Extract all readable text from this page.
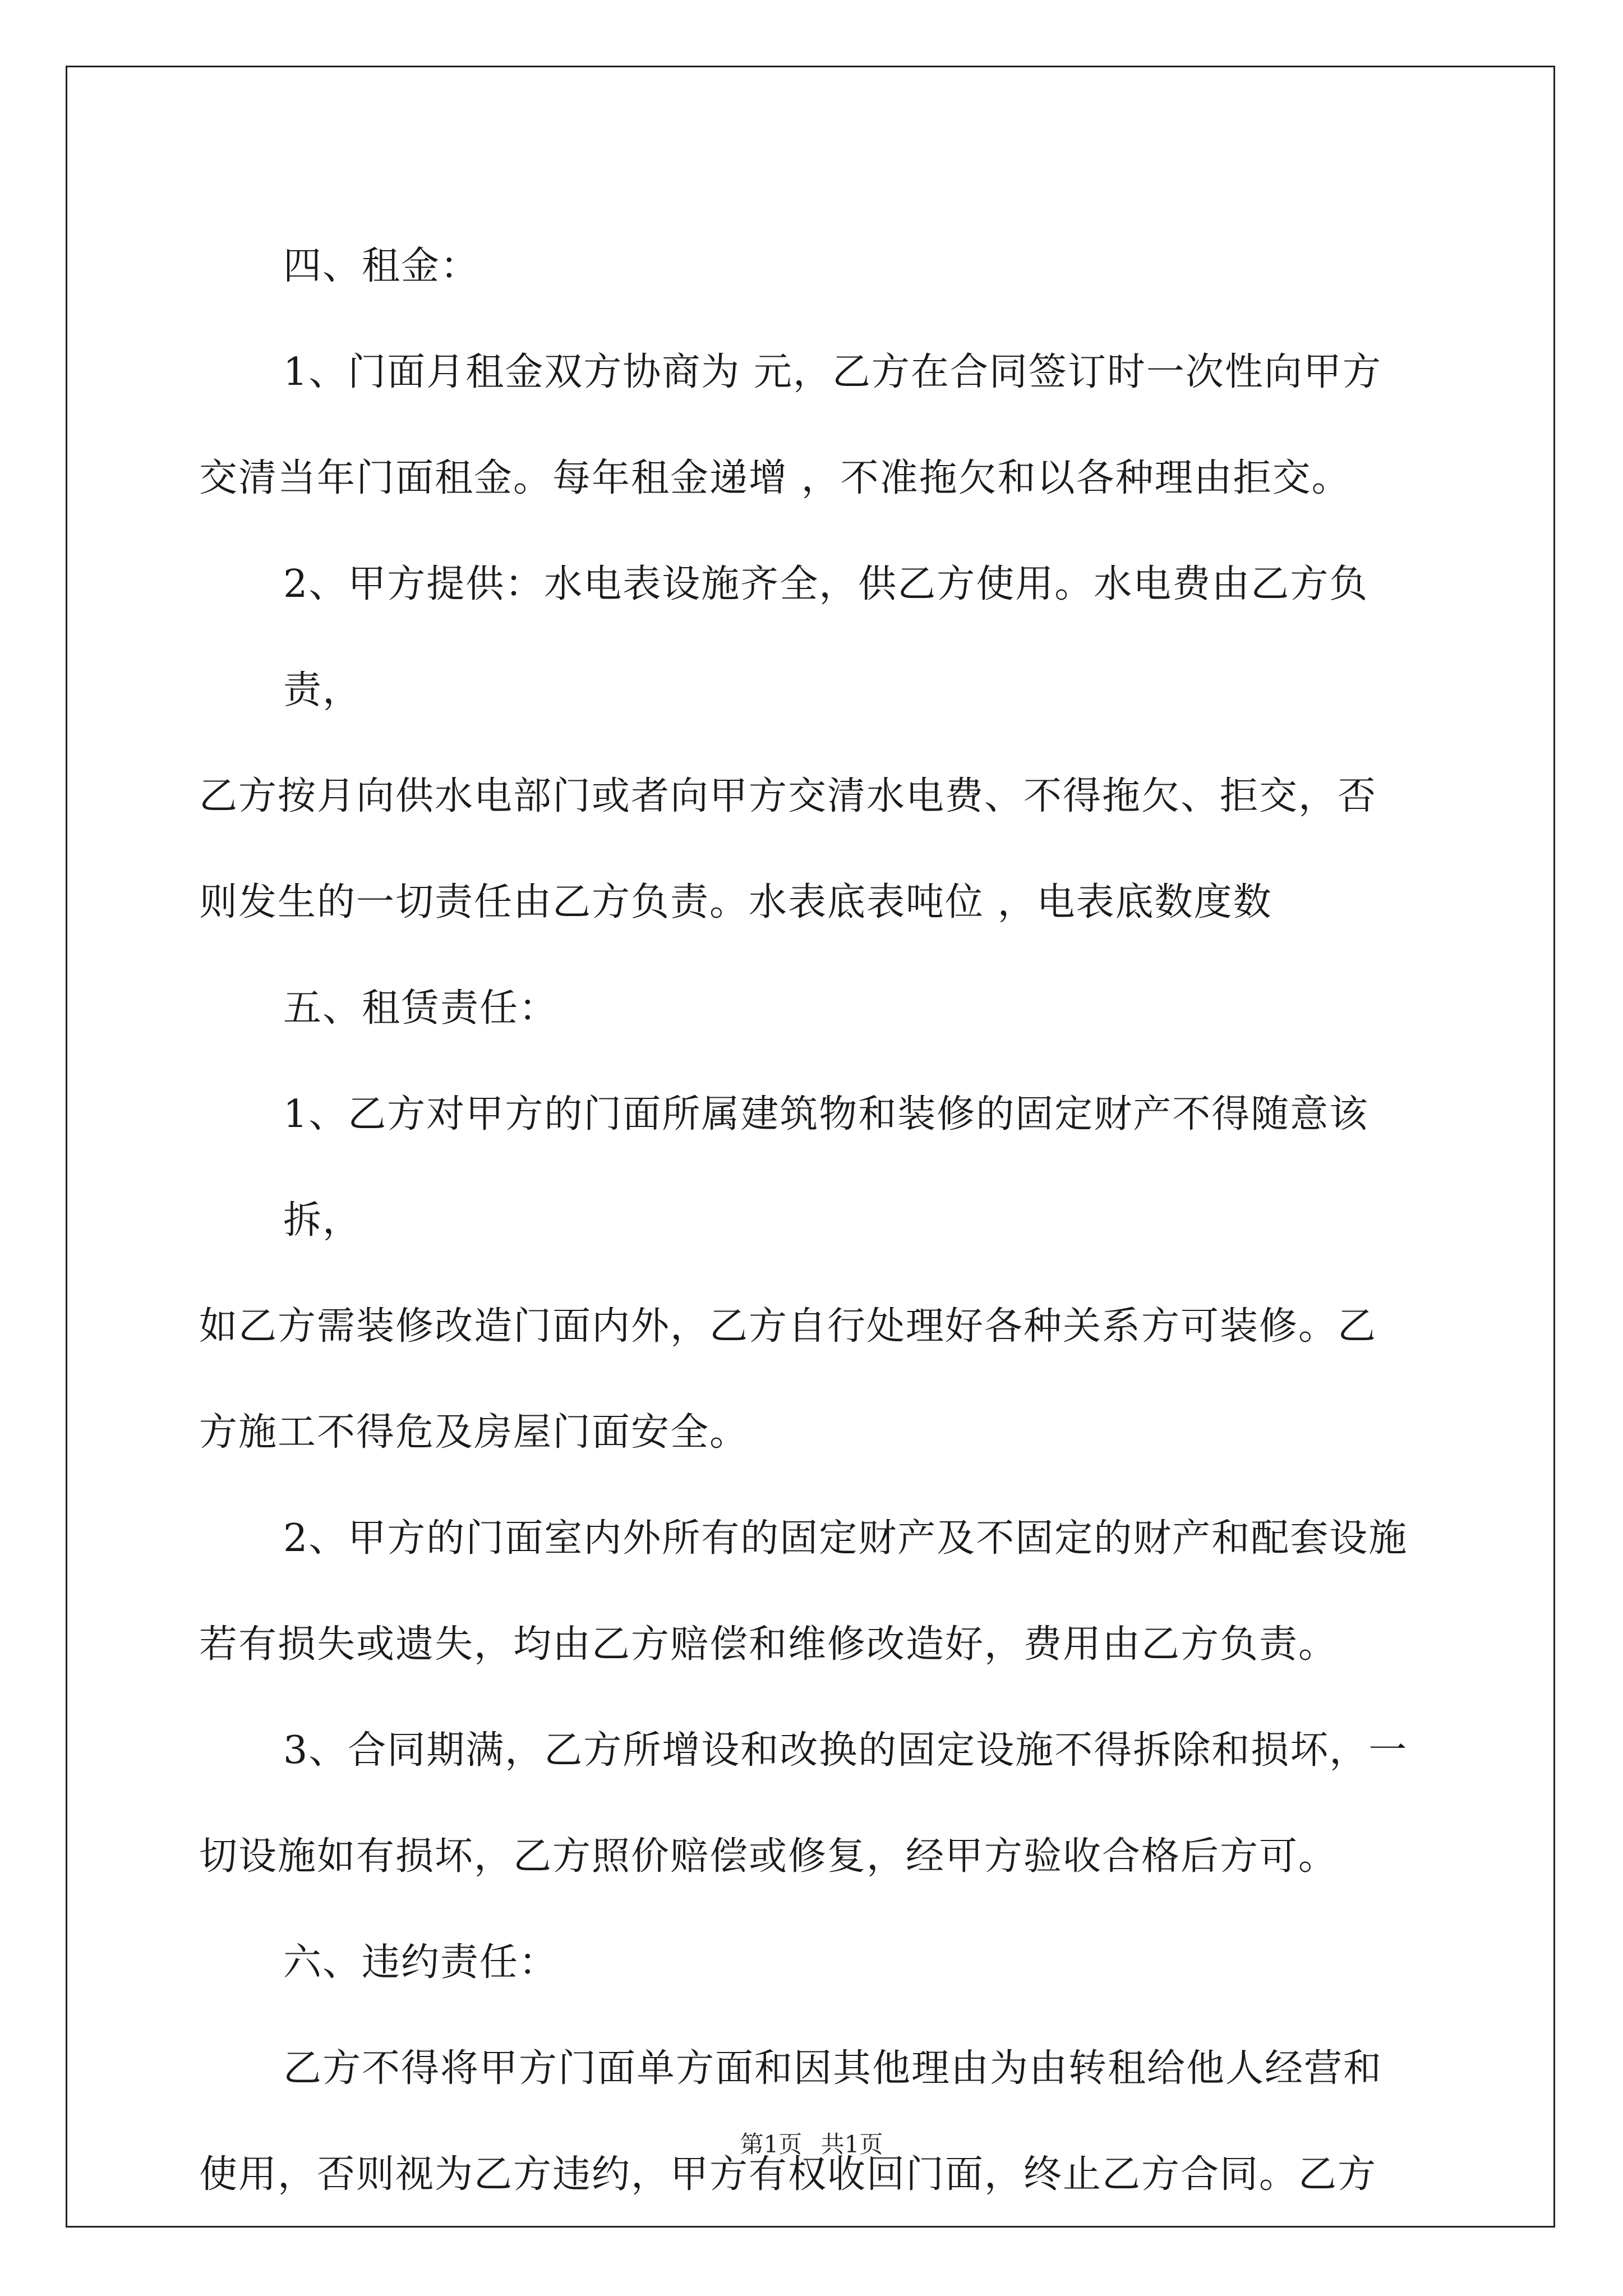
四、租金：

1、门面月租金双方协商为 元，乙方在合同签订时一次性向甲方

交清当年门面租金。每年租金递增 ，不准拖欠和以各种理由拒交。

2、甲方提供：水电表设施齐全，供乙方使用。水电费由乙方负责，

乙方按月向供水电部门或者向甲方交清水电费、不得拖欠、拒交，否

则发生的一切责任由乙方负责。水表底表吨位 ，电表底数度数

五、租赁责任：

1、乙方对甲方的门面所属建筑物和装修的固定财产不得随意该拆，

如乙方需装修改造门面内外，乙方自行处理好各种关系方可装修。乙

方施工不得危及房屋门面安全。

2、甲方的门面室内外所有的固定财产及不固定的财产和配套设施

若有损失或遗失，均由乙方赔偿和维修改造好，费用由乙方负责。

3、合同期满，乙方所增设和改换的固定设施不得拆除和损坏，一

切设施如有损坏，乙方照价赔偿或修复，经甲方验收合格后方可。

六、违约责任：

乙方不得将甲方门面单方面和因其他理由为由转租给他人经营和

使用，否则视为乙方违约，甲方有权收回门面，终止乙方合同。乙方

第1页 共1页
